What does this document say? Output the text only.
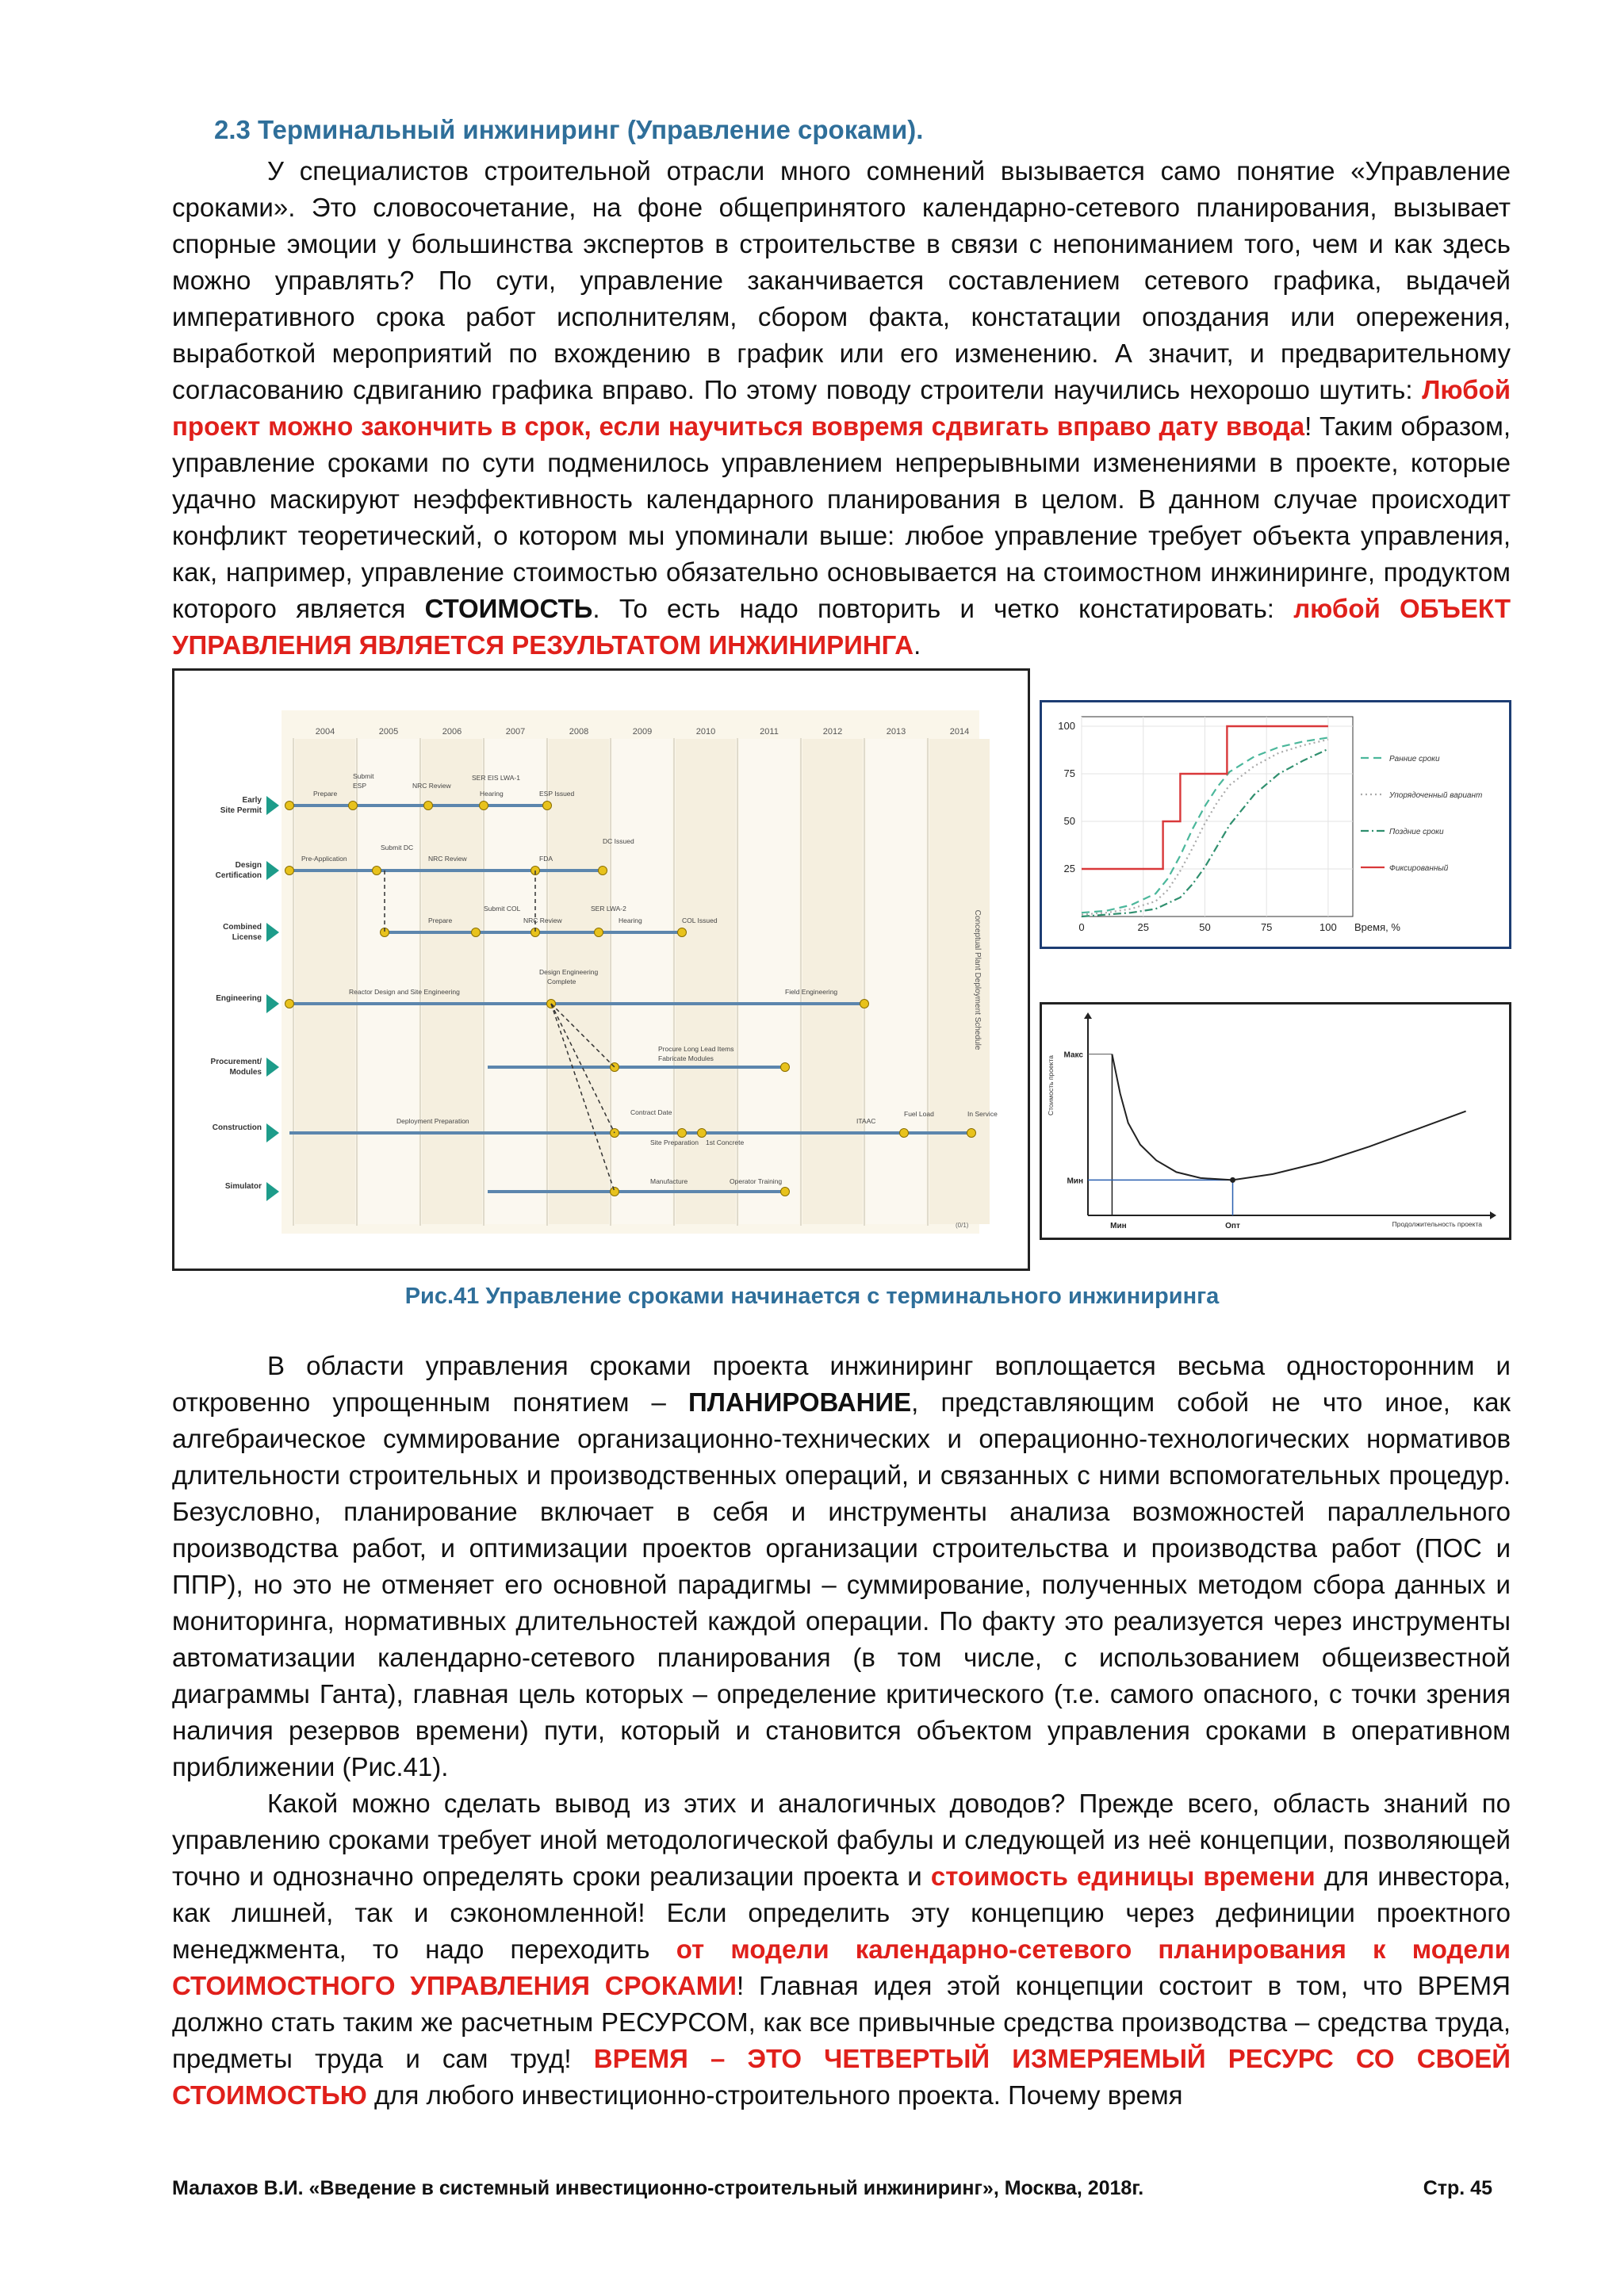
2.3 Терминальный инжиниринг (Управление сроками).

У специалистов строительной отрасли много сомнений вызывается само понятие «Управление сроками». Это словосочетание, на фоне общепринятого календарно-сетевого планирования, вызывает спорные эмоции у большинства экспертов в строительстве в связи с непониманием того, чем и как здесь можно управлять? По сути, управление заканчивается составлением сетевого графика, выдачей императивного срока работ исполнителям, сбором факта, констатации опоздания или опережения, выработкой мероприятий по вхождению в график или его изменению. А значит, и предварительному согласованию сдвиганию графика вправо. По этому поводу строители научились нехорошо шутить: Любой проект можно закончить в срок, если научиться вовремя сдвигать вправо дату ввода! Таким образом, управление сроками по сути подменилось управлением непрерывными изменениями в проекте, которые удачно маскируют неэффективность календарного планирования в целом. В данном случае происходит конфликт теоретический, о котором мы упоминали выше: любое управление требует объекта управления, как, например, управление стоимостью обязательно основывается на стоимостном инжиниринге, продуктом которого является СТОИМОСТЬ. То есть надо повторить и четко констатировать: любой ОБЪЕКТ УПРАВЛЕНИЯ ЯВЛЯЕТСЯ РЕЗУЛЬТАТОМ ИНЖИНИРИНГА.

2004	2005	2006	2007	2008	2009	2010	2011	2012	2013	2014
Early
Site Permit
Design
Certification
Combined
License
Engineering
Procurement/
Modules
Construction
Simulator
Prepare
Submit
ESP	NRC Review
SER EIS LWA-1
Hearing	ESP Issued
Pre-Application
Submit DC
NRC Review	FDA
DC Issued
Prepare
Submit COL
NRC Review
SER LWA-2
Hearing	COL Issued
Reactor Design and Site Engineering
Design Engineering
Complete
Field Engineering
Procure Long Lead Items
Fabricate Modules
Deployment Preparation
Contract Date
Site Preparation 1st Concrete
ITAAC
Fuel Load	In Service
Manufacture	Operator Training
Conceptual Plant Deployment Schedule
(0/1)
0	25	50	75	100
25
50
75
100
Время, %
Ранние сроки
Упорядоченный вариант
Поздние сроки
Фиксированный
Макс
Мин
Мин	Опт	Продолжительность проекта
Стоимость проекта
Рис.41 Управление сроками начинается с терминального инжиниринга

В области управления сроками проекта инжиниринг воплощается весьма односторонним и откровенно упрощенным понятием – ПЛАНИРОВАНИЕ, представляющим собой не что иное, как алгебраическое суммирование организационно-технических и операционно-технологических нормативов длительности строительных и производственных операций, и связанных с ними вспомогательных процедур. Безусловно, планирование включает в себя и инструменты анализа возможностей параллельного производства работ, и оптимизации проектов организации строительства и производства работ (ПОС и ППР), но это не отменяет его основной парадигмы – суммирование, полученных методом сбора данных и мониторинга, нормативных длительностей каждой операции. По факту это реализуется через инструменты автоматизации календарно-сетевого планирования (в том числе, с использованием общеизвестной диаграммы Ганта), главная цель которых – определение критического (т.е. самого опасного, с точки зрения наличия резервов времени) пути, который и становится объектом управления сроками в оперативном приближении (Рис.41).

Какой можно сделать вывод из этих и аналогичных доводов? Прежде всего, область знаний по управлению сроками требует иной методологической фабулы и следующей из неё концепции, позволяющей точно и однозначно определять сроки реализации проекта и стоимость единицы времени для инвестора, как лишней, так и сэкономленной! Если определить эту концепцию через дефиниции проектного менеджмента, то надо переходить от модели календарно-сетевого планирования к модели СТОИМОСТНОГО УПРАВЛЕНИЯ СРОКАМИ! Главная идея этой концепции состоит в том, что ВРЕМЯ должно стать таким же расчетным РЕСУРСОМ, как все привычные средства производства – средства труда, предметы труда и сам труд! ВРЕМЯ – ЭТО ЧЕТВЕРТЫЙ ИЗМЕРЯЕМЫЙ РЕСУРС СО СВОЕЙ СТОИМОСТЬЮ для любого инвестиционно-строительного проекта. Почему время

Малахов В.И. «Введение в системный инвестиционно-строительный инжиниринг», Москва, 2018г.	Стр. 45
